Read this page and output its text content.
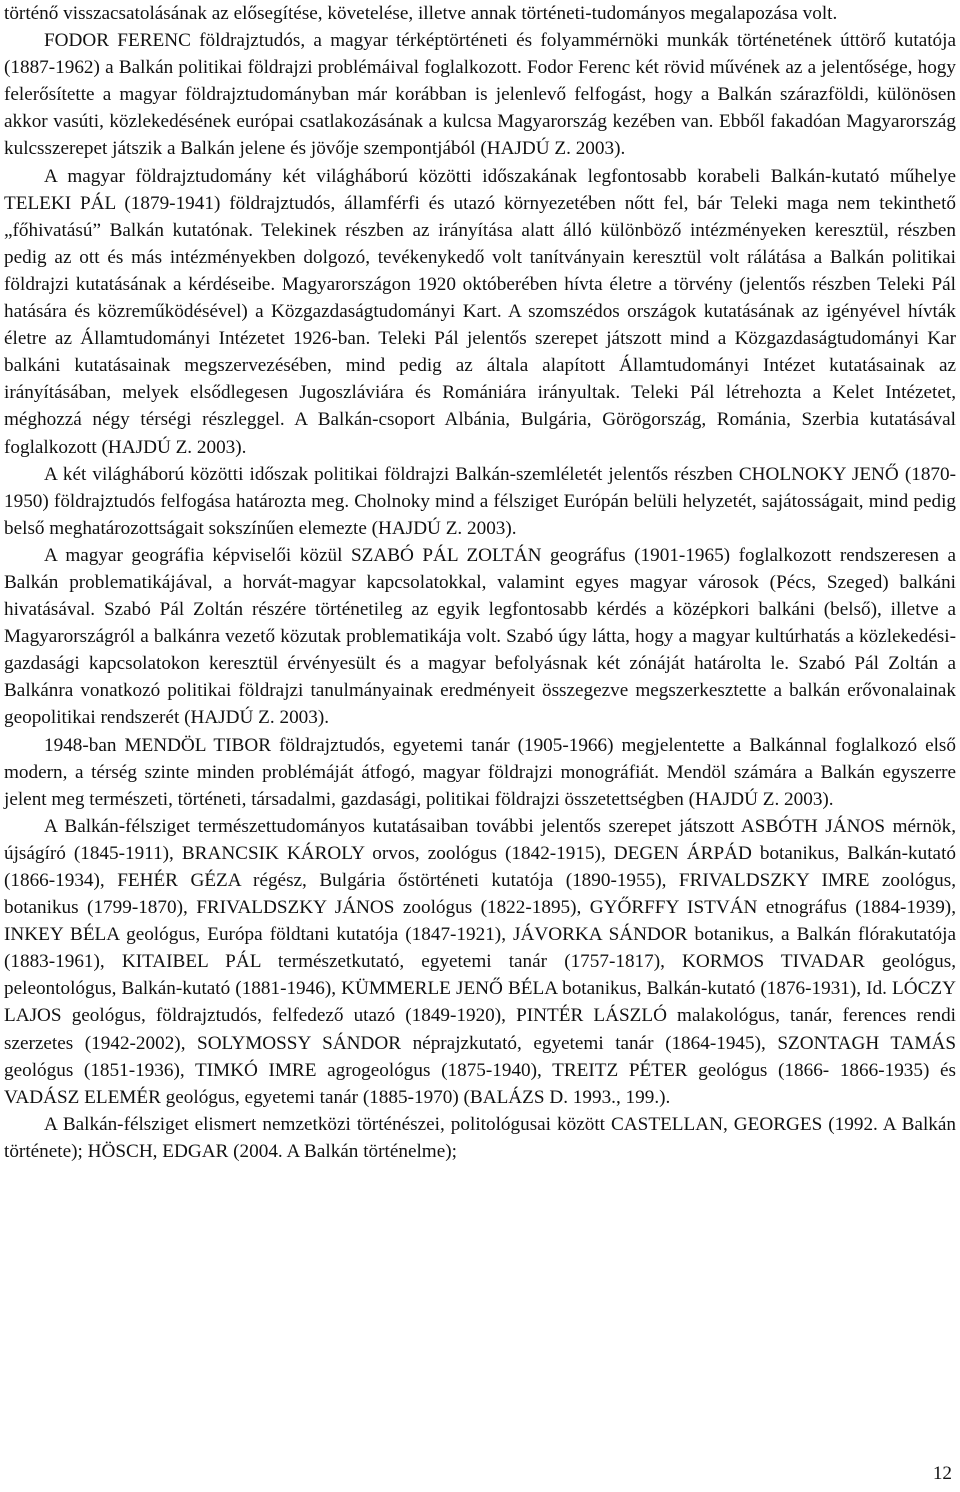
történő visszacsatolásának az elősegítése, követelése, illetve annak történeti-tudományos megalapozása volt.

FODOR FERENC földrajztudós, a magyar térképtörténeti és folyammérnöki munkák történetének úttörő kutatója (1887-1962) a Balkán politikai földrajzi problémáival foglalkozott. Fodor Ferenc két rövid művének az a jelentősége, hogy felerősítette a magyar földrajztudományban már korábban is jelenlevő felfogást, hogy a Balkán szárazföldi, különösen akkor vasúti, közlekedésének európai csatlakozásának a kulcsa Magyarország kezében van. Ebből fakadóan Magyarország kulcsszerepet játszik a Balkán jelene és jövője szempontjából (HAJDÚ Z. 2003).

A magyar földrajztudomány két világháború közötti időszakának legfontosabb korabeli Balkán-kutató műhelye TELEKI PÁL (1879-1941) földrajztudós, államférfi és utazó környezetében nőtt fel, bár Teleki maga nem tekinthető „főhivatású” Balkán kutatónak. Telekinek részben az irányítása alatt álló különböző intézményeken keresztül, részben pedig az ott és más intézményekben dolgozó, tevékenykedő volt tanítványain keresztül volt rálátása a Balkán politikai földrajzi kutatásának a kérdéseibe. Magyarországon 1920 októberében hívta életre a törvény (jelentős részben Teleki Pál hatására és közreműködésével) a Közgazdaságtudományi Kart. A szomszédos országok kutatásának az igényével hívták életre az Államtudományi Intézetet 1926-ban. Teleki Pál jelentős szerepet játszott mind a Közgazdaságtudományi Kar balkáni kutatásainak megszervezésében, mind pedig az általa alapított Államtudományi Intézet kutatásainak az irányításában, melyek elsődlegesen Jugoszláviára és Romániára irányultak. Teleki Pál létrehozta a Kelet Intézetet, méghozzá négy térségi részleggel. A Balkán-csoport Albánia, Bulgária, Görögország, Románia, Szerbia kutatásával foglalkozott (HAJDÚ Z. 2003).

A két világháború közötti időszak politikai földrajzi Balkán-szemléletét jelentős részben CHOLNOKY JENŐ (1870-1950) földrajztudós felfogása határozta meg. Cholnoky mind a félsziget Európán belüli helyzetét, sajátosságait, mind pedig belső meghatározottságait sokszínűen elemezte (HAJDÚ Z. 2003).

A magyar geográfia képviselői közül SZABÓ PÁL ZOLTÁN geográfus (1901-1965) foglalkozott rendszeresen a Balkán problematikájával, a horvát-magyar kapcsolatokkal, valamint egyes magyar városok (Pécs, Szeged) balkáni hivatásával. Szabó Pál Zoltán részére történetileg az egyik legfontosabb kérdés a középkori balkáni (belső), illetve a Magyarországról a balkánra vezető közutak problematikája volt. Szabó úgy látta, hogy a magyar kultúrhatás a közlekedési-gazdasági kapcsolatokon keresztül érvényesült és a magyar befolyásnak két zónáját határolta le. Szabó Pál Zoltán a Balkánra vonatkozó politikai földrajzi tanulmányainak eredményeit összegezve megszerkesztette a balkán erővonalainak geopolitikai rendszerét (HAJDÚ Z. 2003).

1948-ban MENDÖL TIBOR földrajztudós, egyetemi tanár (1905-1966) megjelentette a Balkánnal foglalkozó első modern, a térség szinte minden problémáját átfogó, magyar földrajzi monográfiát. Mendöl számára a Balkán egyszerre jelent meg természeti, történeti, társadalmi, gazdasági, politikai földrajzi összetettségben (HAJDÚ Z. 2003).

A Balkán-félsziget természettudományos kutatásaiban további jelentős szerepet játszott ASBÓTH JÁNOS mérnök, újságíró (1845-1911), BRANCSIK KÁROLY orvos, zoológus (1842-1915), DEGEN ÁRPÁD botanikus, Balkán-kutató (1866-1934), FEHÉR GÉZA régész, Bulgária őstörténeti kutatója (1890-1955), FRIVALDSZKY IMRE zoológus, botanikus (1799-1870), FRIVALDSZKY JÁNOS zoológus (1822-1895), GYŐRFFY ISTVÁN etnográfus (1884-1939), INKEY BÉLA geológus, Európa földtani kutatója (1847-1921), JÁVORKA SÁNDOR botanikus, a Balkán flórakutatója (1883-1961), KITAIBEL PÁL természetkutató, egyetemi tanár (1757-1817), KORMOS TIVADAR geológus, peleontológus, Balkán-kutató (1881-1946), KÜMMERLE JENŐ BÉLA botanikus, Balkán-kutató (1876-1931), Id. LÓCZY LAJOS geológus, földrajztudós, felfedező utazó (1849-1920), PINTÉR LÁSZLÓ malakológus, tanár, ferences rendi szerzetes (1942-2002), SOLYMOSSY SÁNDOR néprajzkutató, egyetemi tanár (1864-1945), SZONTAGH TAMÁS geológus (1851-1936), TIMKÓ IMRE agrogeológus (1875-1940), TREITZ PÉTER geológus (1866- 1866-1935) és VADÁSZ ELEMÉR geológus, egyetemi tanár (1885-1970) (BALÁZS D. 1993., 199.).

A Balkán-félsziget elismert nemzetközi történészei, politológusai között CASTELLAN, GEORGES (1992. A Balkán története); HÖSCH, EDGAR (2004. A Balkán történelme);

12
